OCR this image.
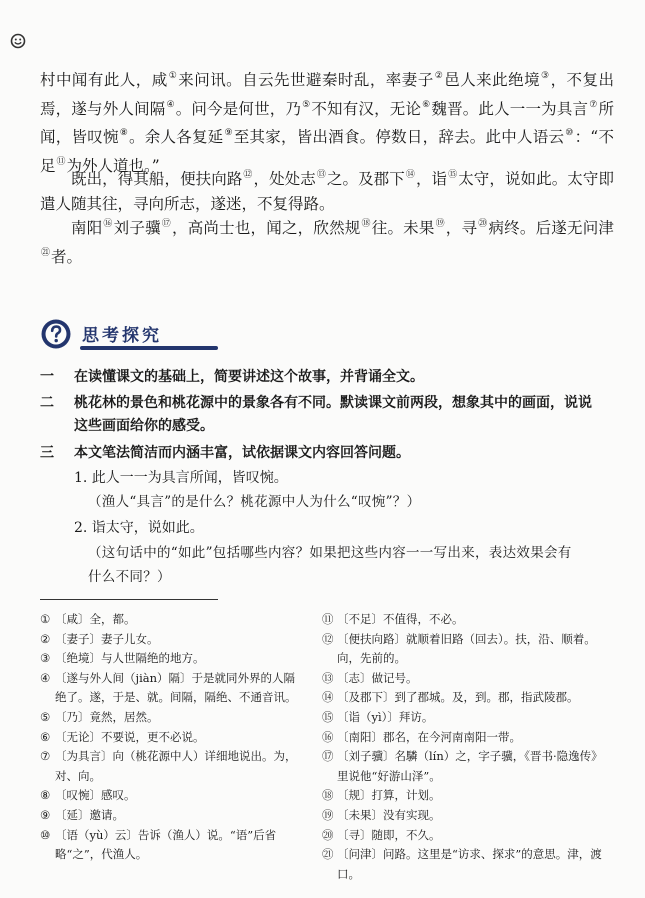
村中闻有此人，咸①来问讯。自云先世避秦时乱，率妻子②邑人来此绝境③，不复出焉，遂与外人间隔④。问今是何世，乃⑤不知有汉，无论⑥魏晋。此人一一为具言⑦所闻，皆叹惋⑧。余人各复延⑨至其家，皆出酒食。停数日，辞去。此中人语云⑩：“不足⑪为外人道也。”

既出，得其船，便扶向路⑫，处处志⑬之。及郡下⑭，诣⑮太守，说如此。太守即遣人随其往，寻向所志，遂迷，不复得路。

南阳⑯刘子骥⑰，高尚士也，闻之，欣然规⑱往。未果⑲，寻⑳病终。后遂无问津$^㉑$者。

思考探究
一	在读懂课文的基础上，简要讲述这个故事，并背诵全文。
二	桃花林的景色和桃花源中的景象各有不同。默读课文前两段，想象其中的画面，说说这些画面给你的感受。
三	本文笔法简洁而内涵丰富，试依据课文内容回答问题。
1. 此人一一为具言所闻，皆叹惋。
（渔人“具言”的是什么？桃花源中人为什么“叹惋”？）
2. 诣太守，说如此。
（这句话中的“如此”包括哪些内容？如果把这些内容一一写出来，表达效果会有什么不同？）
① 〔咸〕全，都。
② 〔妻子〕妻子儿女。
③ 〔绝境〕与人世隔绝的地方。
④ 〔遂与外人间（jiàn）隔〕于是就同外界的人隔绝了。遂，于是、就。间隔，隔绝、不通音讯。
⑤ 〔乃〕竟然，居然。
⑥ 〔无论〕不要说，更不必说。
⑦ 〔为具言〕向（桃花源中人）详细地说出。为，对、向。
⑧ 〔叹惋〕感叹。
⑨ 〔延〕邀请。
⑩ 〔语（yù）云〕告诉（渔人）说。“语”后省略“之”，代渔人。
⑪ 〔不足〕不值得，不必。
⑫ 〔便扶向路〕就顺着旧路（回去）。扶，沿、顺着。向，先前的。
⑬ 〔志〕做记号。
⑭ 〔及郡下〕到了郡城。及，到。郡，指武陵郡。
⑮ 〔诣（yì）〕拜访。
⑯ 〔南阳〕郡名，在今河南南阳一带。
⑰ 〔刘子骥〕名驎（lín）之，字子骥，《晋书·隐逸传》里说他“好游山泽”。
⑱ 〔规〕打算，计划。
⑲ 〔未果〕没有实现。
⑳ 〔寻〕随即，不久。
㉑ 〔问津〕问路。这里是“访求、探求”的意思。津，渡口。
